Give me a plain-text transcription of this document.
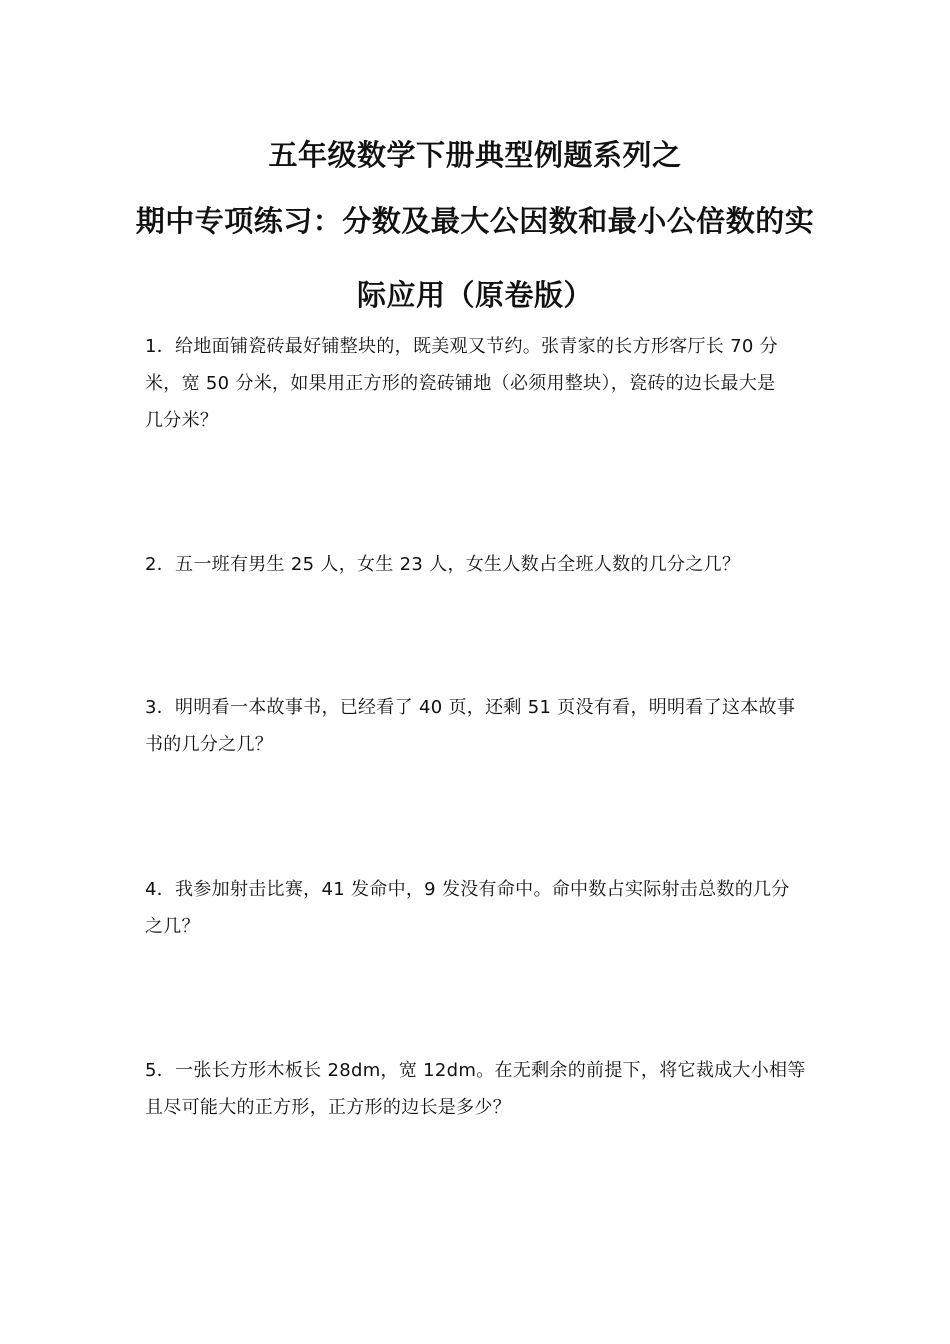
五年级数学下册典型例题系列之
期中专项练习：分数及最大公因数和最小公倍数的实
际应用（原卷版）
1．给地面铺瓷砖最好铺整块的，既美观又节约。张青家的长方形客厅长 70 分
米，宽 50 分米，如果用正方形的瓷砖铺地（必须用整块），瓷砖的边长最大是
几分米？
2．五一班有男生 25 人，女生 23 人，女生人数占全班人数的几分之几？
3．明明看一本故事书，已经看了 40 页，还剩 51 页没有看，明明看了这本故事
书的几分之几？
4．我参加射击比赛，41 发命中，9 发没有命中。命中数占实际射击总数的几分
之几？
5．一张长方形木板长 28dm，宽 12dm。在无剩余的前提下，将它裁成大小相等
且尽可能大的正方形，正方形的边长是多少？
